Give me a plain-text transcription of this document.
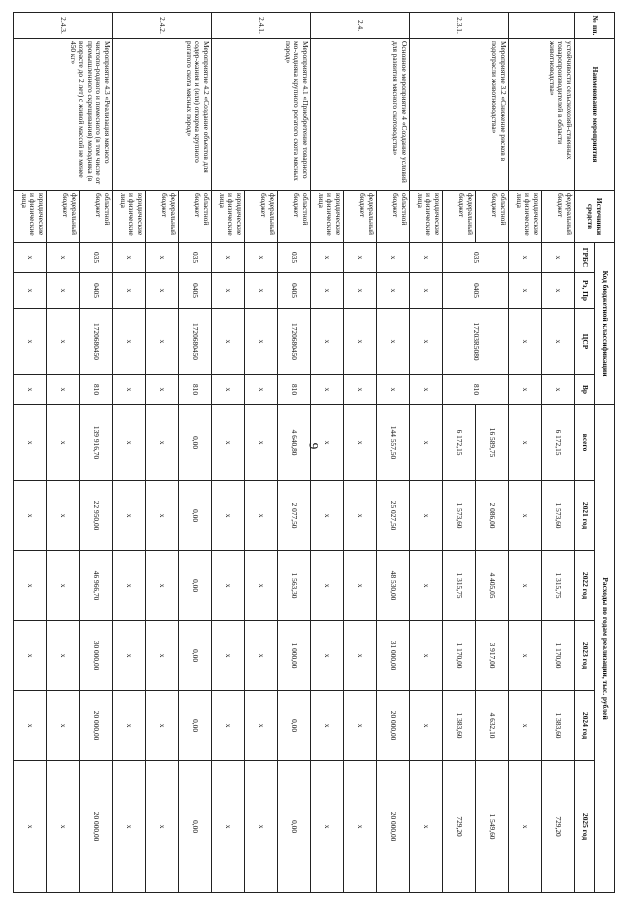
9
№ пп.	Наименование мероприятия	Источники средств	Код бюджетной классификации				Расходы по годам реализации, тыс. рублей					
			ГРБС	Рз, Пр	ЦСР	Вр	всего	2021 год	2022 год	2023 год	2024 год	2025 год
	устойчивости сельскохозяй-ственных товаропроизводителей в области животноводства»	федеральный бюджет	x	x	x	x	6 172,15	1 573,60	1 315,75	1 170,00	1 383,60	729,20
		юридические и физические лица	x	x	x	x	x	x	x	x	x	x
2.3.1.	Мероприятие 3.2 «Снижение рисков в подотрасли животноводства»	областной бюджет	035	0405	17203R5080	810	16 589,75	2 086,00	4 405,05	3 917,00	4 632,10	1 549,60
		федеральный бюджет					6 172,15	1 573,60	1 315,75	1 170,00	1 383,60	729,20
		юридические и физические лица	x	x	x	x	x	x	x	x	x	x
2.4.	Основное мероприятие 4 «Создание условий для развития мясного скотоводства»	областной бюджет	x	x	x	x	144 557,50	25 027,50	48 530,00	31 000,00	20 000,00	20 000,00
		федеральный бюджет	x	x	x	x	x	x	x	x	x	x
		юридические и физические лица	x	x	x	x	x	x	x	x	x	x
2.4.1.	Мероприятие 4.1 «Приобретение товарного мо-лодняка крупного рогатого скота мясных пород»	областной бюджет	035	0405	1720680450	810	4 640,80	2 077,50	1 563,30	1 000,00	0,00	0,00
		федеральный бюджет	x	x	x	x	x	x	x	x	x	x
		юридические и физические лица	x	x	x	x	x	x	x	x	x	x
2.4.2.	Мероприятие 4.2 «Создание объектов для содер-жания и (или) откорма крупного рогатого скота мясных пород»	областной бюджет	035	0405	1720680450	810	0,00	0,00	0,00	0,00	0,00	0,00
		федеральный бюджет	x	x	x	x	x	x	x	x	x	x
		юридические и физические лица	x	x	x	x	x	x	x	x	x	x
2.4.3.	Мероприятие 4.3 «Реализация мясного чистопо-родного и помесного (в том числе от промышленного скрещивания) молодняка (в возрасте до 2 лет) с живой массой не менее 450 кг»	областной бюджет	035	0405	1720680450	810	139 916,70	22 950,00	46 966,70	30 000,00	20 000,00	20 000,00
		федеральный бюджет	x	x	x	x	x	x	x	x	x	x
		юридические и физические лица	x	x	x	x	x	x	x	x	x	x
